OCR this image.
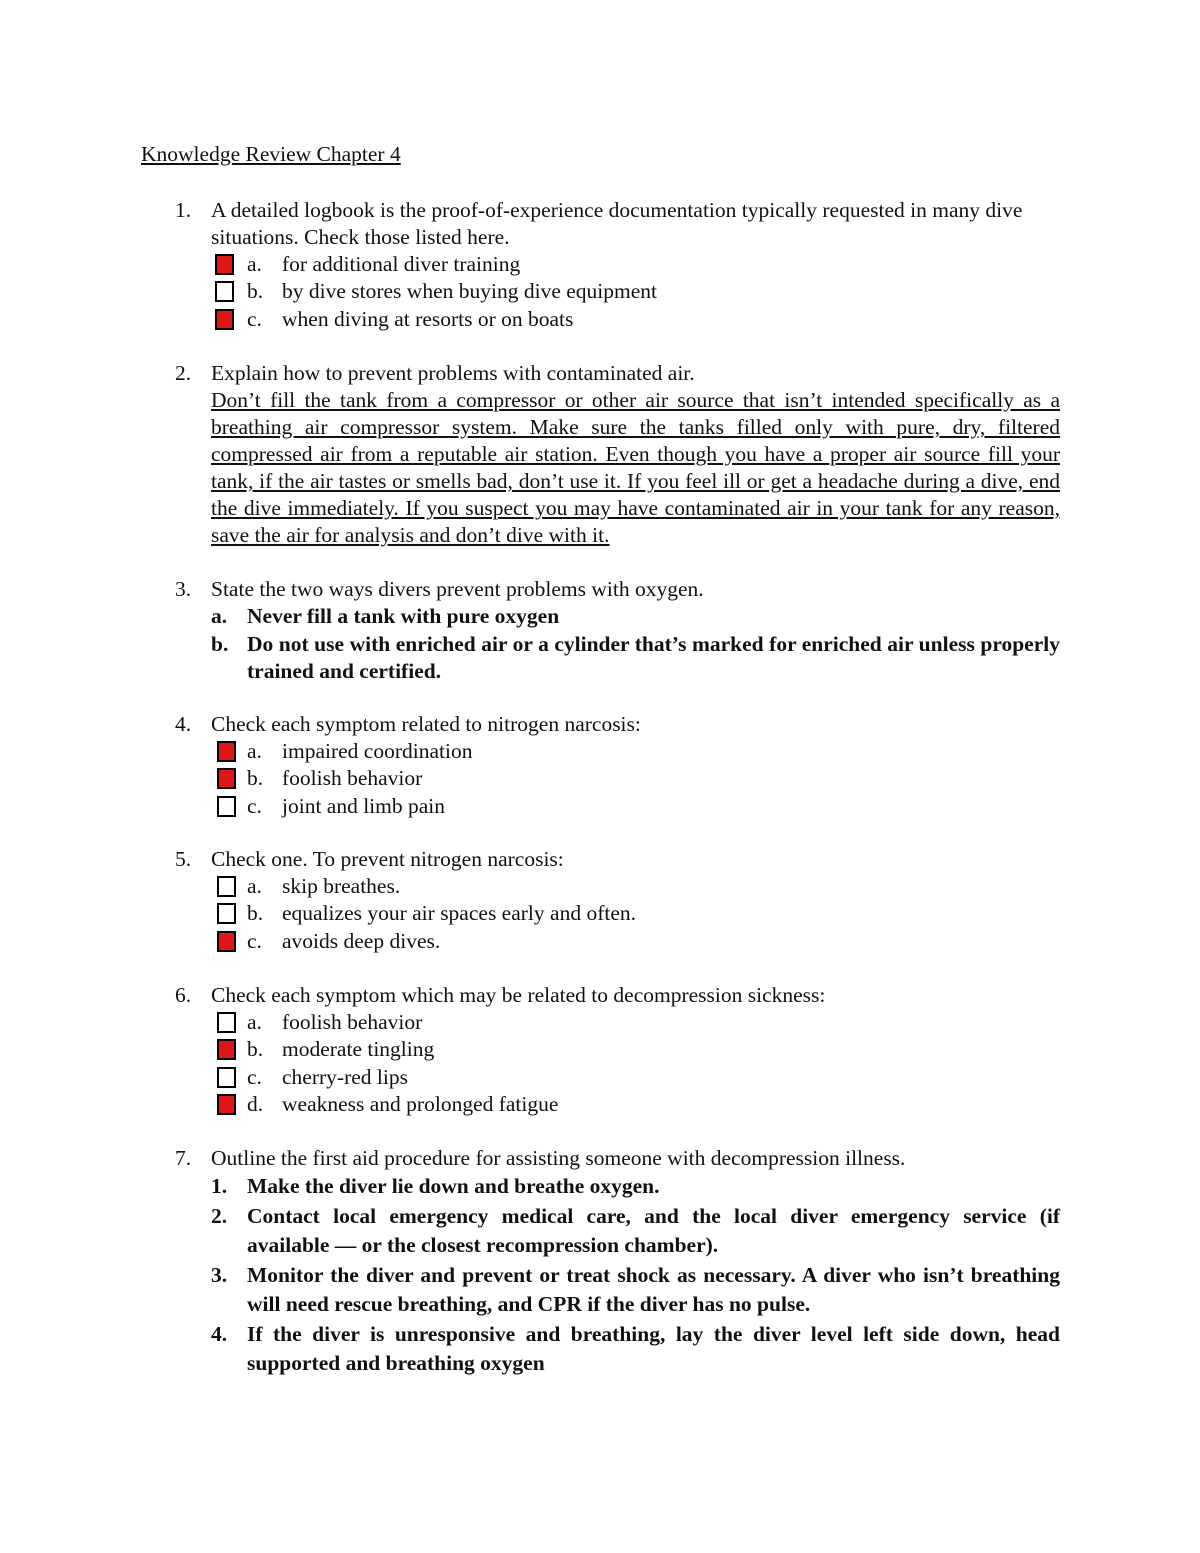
Knowledge Review Chapter 4
1. A detailed logbook is the proof-of-experience documentation typically requested in many dive situations. Check those listed here.
a. for additional diver training
b. by dive stores when buying dive equipment
c. when diving at resorts or on boats
2. Explain how to prevent problems with contaminated air.
Don’t fill the tank from a compressor or other air source that isn’t intended specifically as a breathing air compressor system. Make sure the tanks filled only with pure, dry, filtered compressed air from a reputable air station. Even though you have a proper air source fill your tank, if the air tastes or smells bad, don’t use it. If you feel ill or get a headache during a dive, end the dive immediately. If you suspect you may have contaminated air in your tank for any reason, save the air for analysis and don’t dive with it.
3. State the two ways divers prevent problems with oxygen.
a. Never fill a tank with pure oxygen
b. Do not use with enriched air or a cylinder that’s marked for enriched air unless properly trained and certified.
4. Check each symptom related to nitrogen narcosis:
a. impaired coordination
b. foolish behavior
c. joint and limb pain
5. Check one. To prevent nitrogen narcosis:
a. skip breathes.
b. equalizes your air spaces early and often.
c. avoids deep dives.
6. Check each symptom which may be related to decompression sickness:
a. foolish behavior
b. moderate tingling
c. cherry-red lips
d. weakness and prolonged fatigue
7. Outline the first aid procedure for assisting someone with decompression illness.
1. Make the diver lie down and breathe oxygen.
2. Contact local emergency medical care, and the local diver emergency service (if available — or the closest recompression chamber).
3. Monitor the diver and prevent or treat shock as necessary. A diver who isn’t breathing will need rescue breathing, and CPR if the diver has no pulse.
4. If the diver is unresponsive and breathing, lay the diver level left side down, head supported and breathing oxygen
